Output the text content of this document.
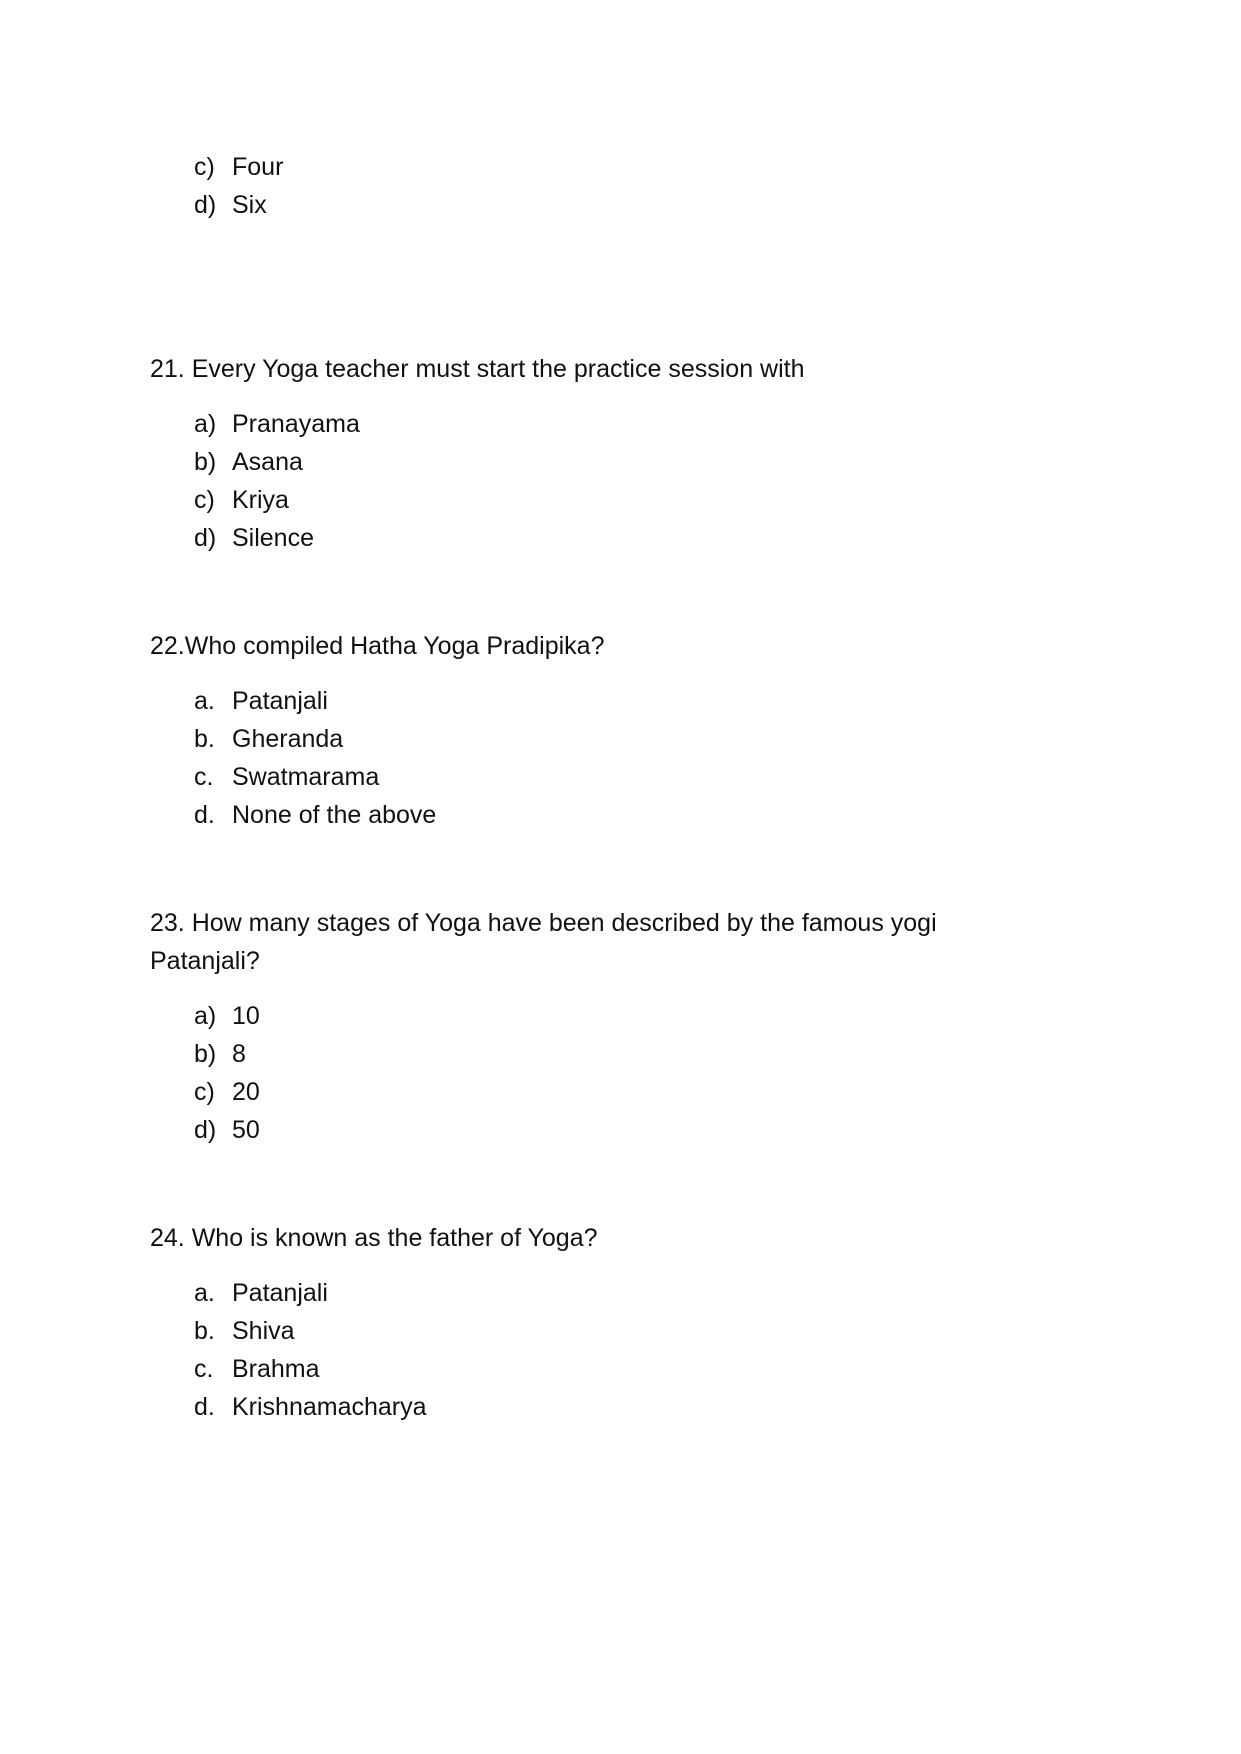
c) Four
d) Six

21. Every Yoga teacher must start the practice session with

a) Pranayama
b) Asana
c) Kriya
d) Silence

22.Who compiled Hatha Yoga Pradipika?

a. Patanjali
b. Gheranda
c. Swatmarama
d. None of the above

23. How many stages of Yoga have been described by the famous yogi Patanjali?

a) 10
b) 8
c) 20
d) 50

24. Who is known as the father of Yoga?

a. Patanjali
b. Shiva
c. Brahma
d. Krishnamacharya
